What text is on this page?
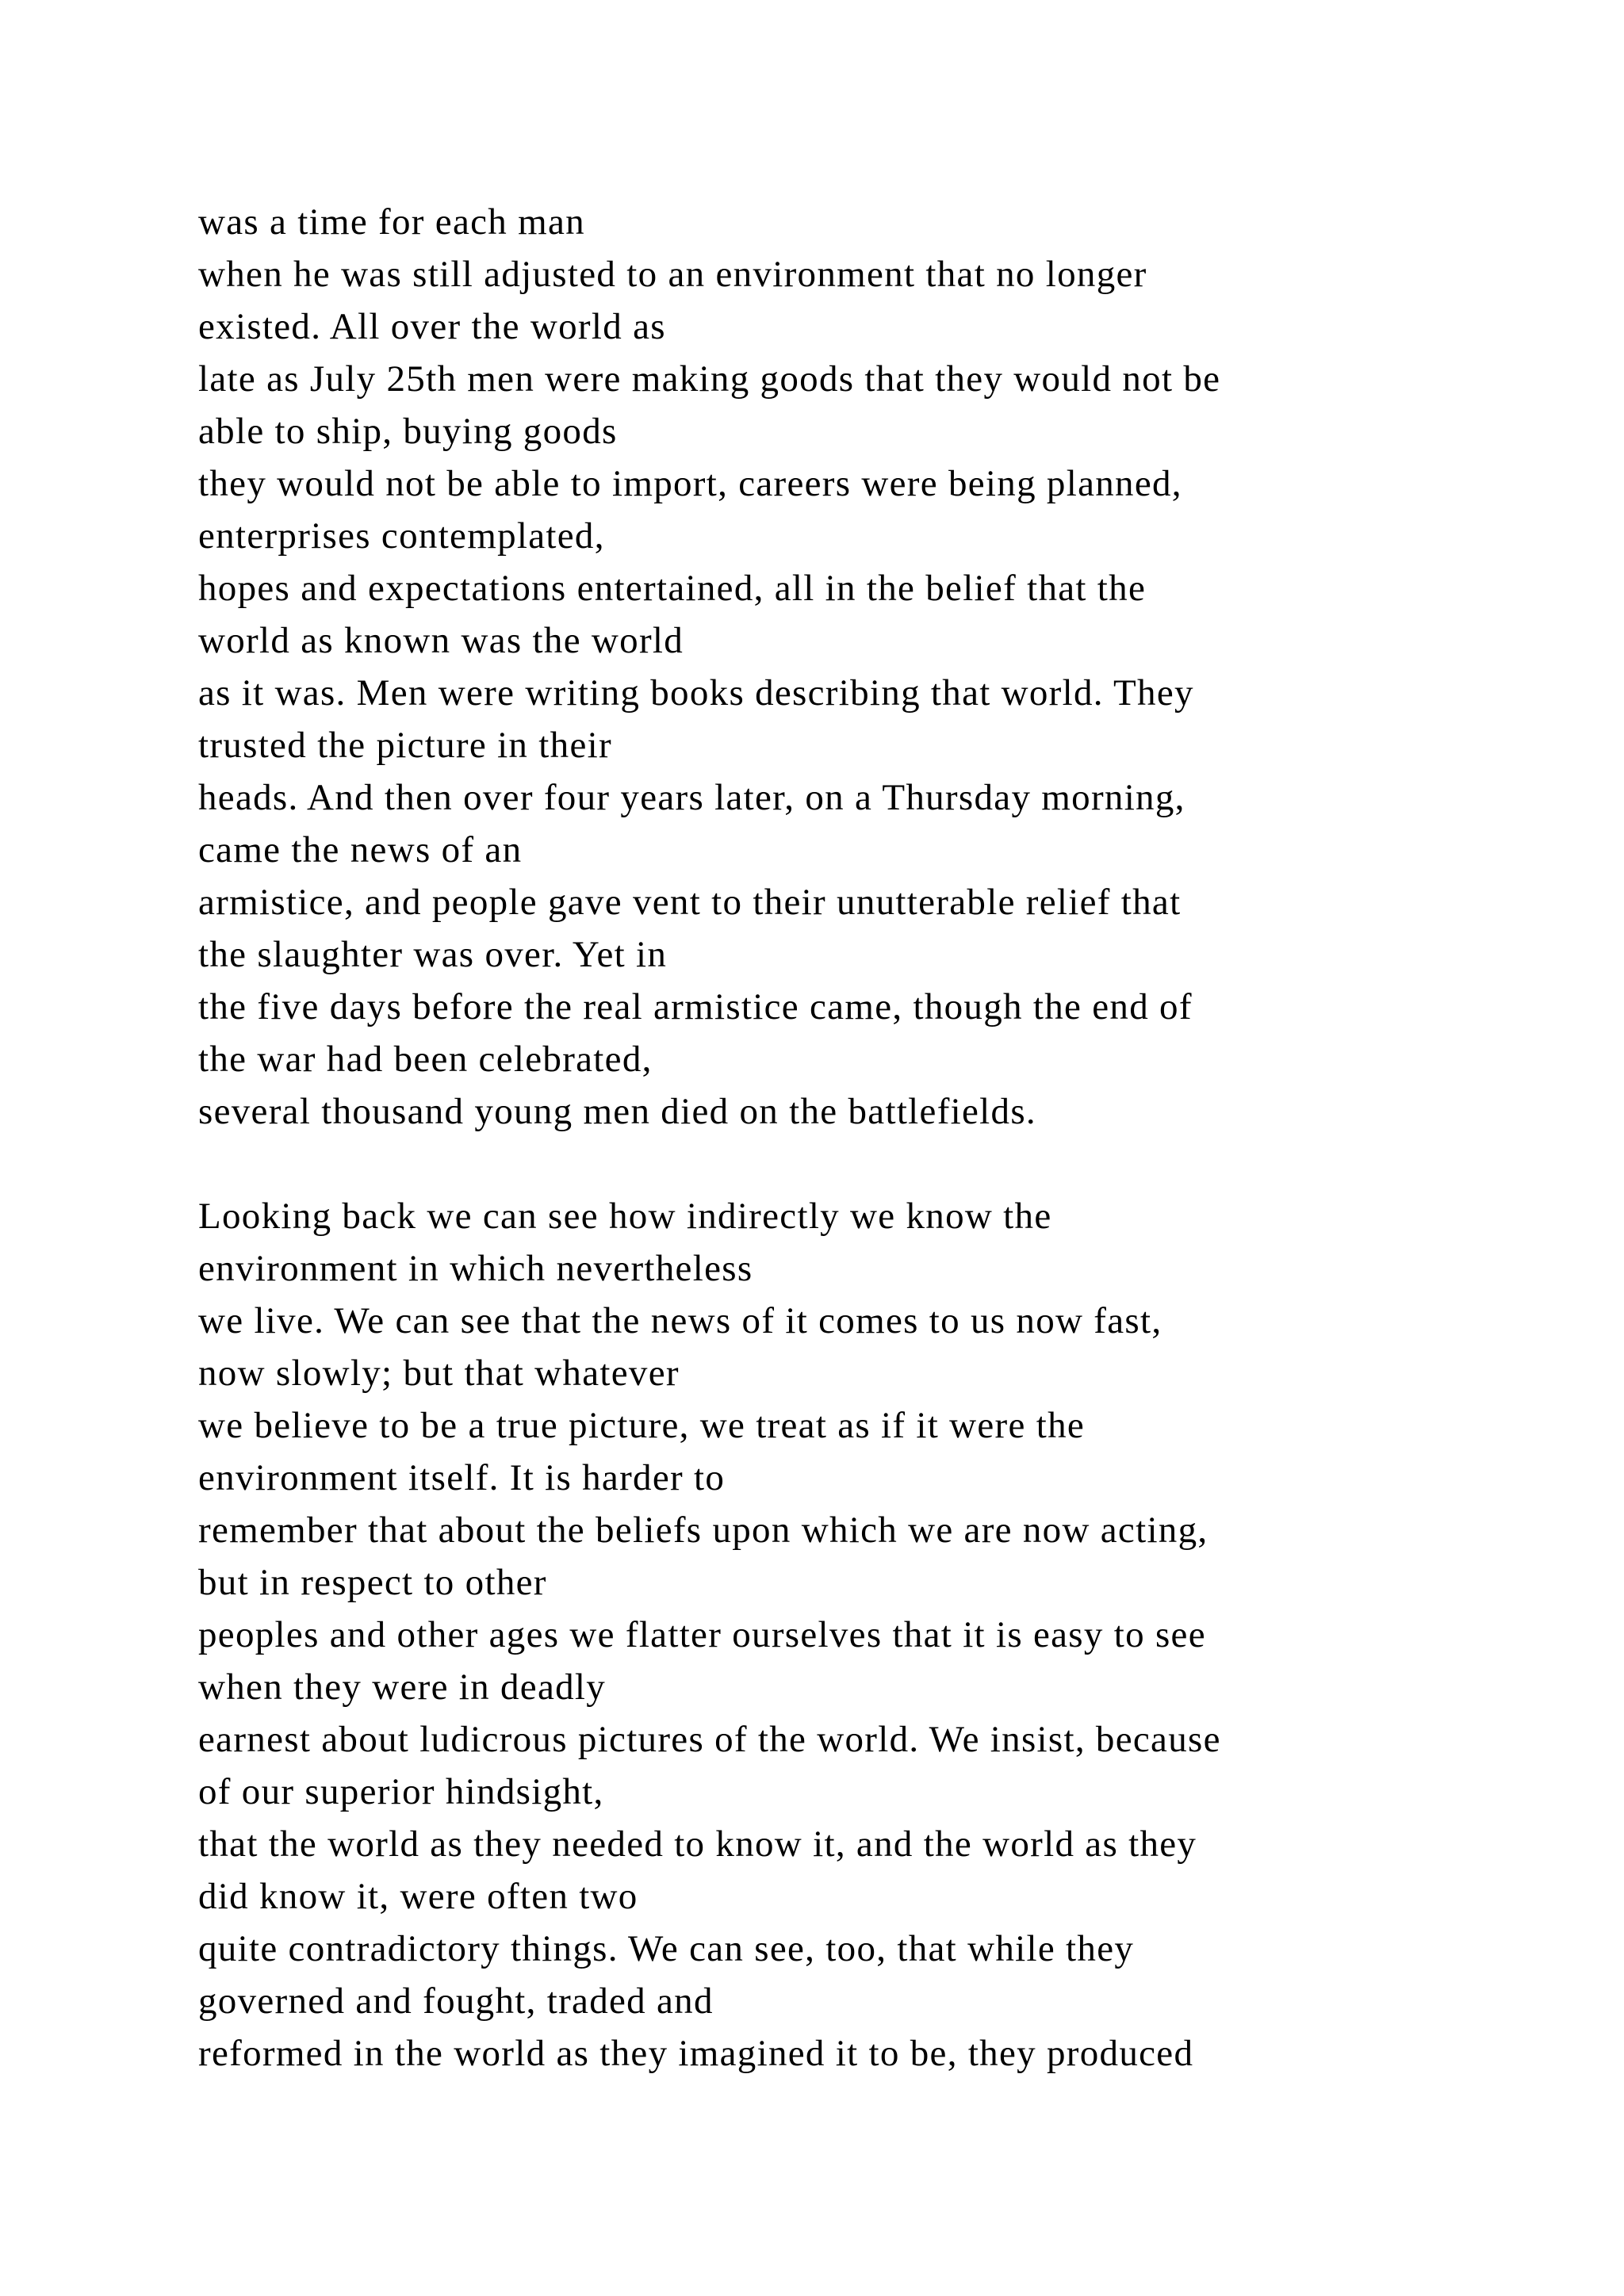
was a time for each man
when he was still adjusted to an environment that no longer
existed. All over the world as
late as July 25th men were making goods that they would not be
able to ship, buying goods
they would not be able to import, careers were being planned,
enterprises contemplated,
hopes and expectations entertained, all in the belief that the
world as known was the world
as it was. Men were writing books describing that world. They
trusted the picture in their
heads. And then over four years later, on a Thursday morning,
came the news of an
armistice, and people gave vent to their unutterable relief that
the slaughter was over. Yet in
the five days before the real armistice came, though the end of
the war had been celebrated,
several thousand young men died on the battlefields.
Looking back we can see how indirectly we know the
environment in which nevertheless
we live. We can see that the news of it comes to us now fast,
now slowly; but that whatever
we believe to be a true picture, we treat as if it were the
environment itself. It is harder to
remember that about the beliefs upon which we are now acting,
but in respect to other
peoples and other ages we flatter ourselves that it is easy to see
when they were in deadly
earnest about ludicrous pictures of the world. We insist, because
of our superior hindsight,
that the world as they needed to know it, and the world as they
did know it, were often two
quite contradictory things. We can see, too, that while they
governed and fought, traded and
reformed in the world as they imagined it to be, they produced
